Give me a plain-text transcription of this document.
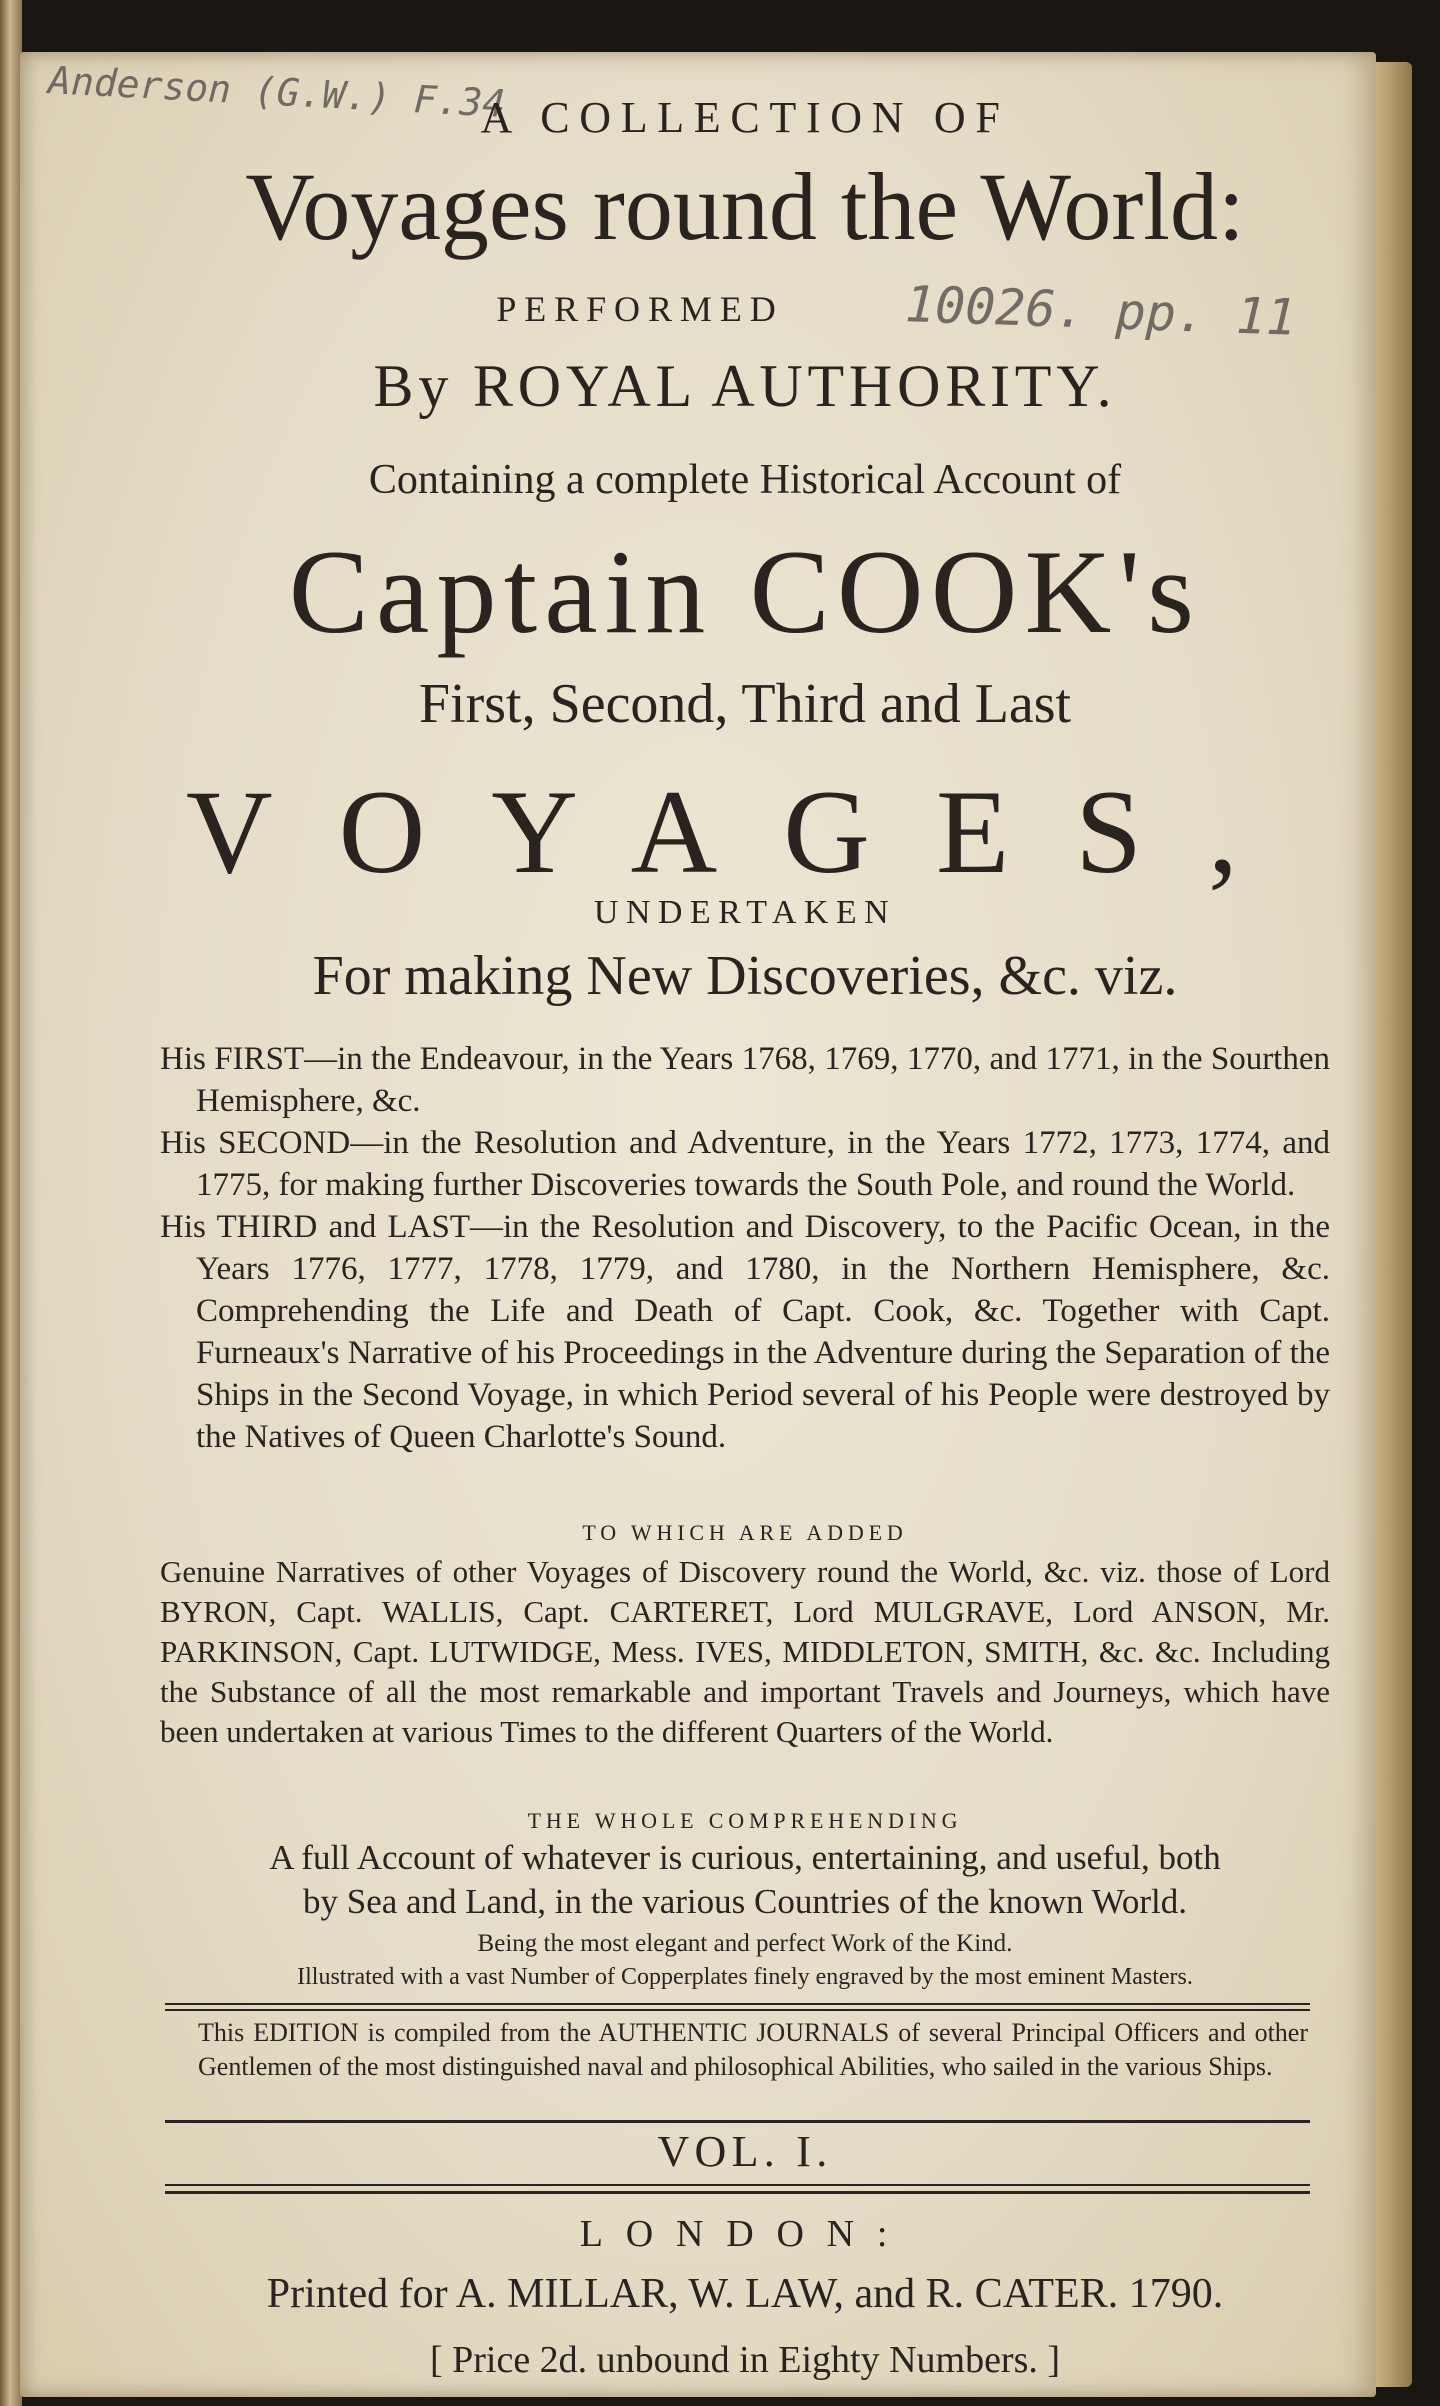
Anderson (G.W.) F.34
10026. pp. 11
A COLLECTION OF
Voyages round the World:
PERFORMED
By ROYAL AUTHORITY.
Containing a complete Historical Account of
Captain COOK's
First, Second, Third and Last
VOYAGES,
UNDERTAKEN
For making New Discoveries, &c. viz.

His FIRST—in the Endeavour, in the Years 1768, 1769, 1770, and 1771, in the Sourthen Hemisphere, &c.

His SECOND—in the Resolution and Adventure, in the Years 1772, 1773, 1774, and 1775, for making further Discoveries towards the South Pole, and round the World.

His THIRD and LAST—in the Resolution and Discovery, to the Pacific Ocean, in the Years 1776, 1777, 1778, 1779, and 1780, in the Northern Hemisphere, &c. Comprehending the Life and Death of Capt. Cook, &c. Together with Capt. Furneaux's Narrative of his Proceedings in the Adventure during the Separation of the Ships in the Second Voyage, in which Period several of his People were destroyed by the Natives of Queen Charlotte's Sound.

TO WHICH ARE ADDED
Genuine Narratives of other Voyages of Discovery round the World, &c. viz. those of Lord BYRON, Capt. WALLIS, Capt. CARTERET, Lord MULGRAVE, Lord ANSON, Mr. PARKINSON, Capt. LUTWIDGE, Mess. IVES, MIDDLETON, SMITH, &c. &c. Including the Substance of all the most remarkable and important Travels and Journeys, which have been undertaken at various Times to the different Quarters of the World.
THE WHOLE COMPREHENDING
A full Account of whatever is curious, entertaining, and useful, both
by Sea and Land, in the various Countries of the known World.
Being the most elegant and perfect Work of the Kind.
Illustrated with a vast Number of Copperplates finely engraved by the most eminent Masters.
This EDITION is compiled from the AUTHENTIC JOURNALS of several Principal Officers and other Gentlemen of the most distinguished naval and philosophical Abilities, who sailed in the various Ships.
VOL. I.
LONDON:
Printed for A. MILLAR, W. LAW, and R. CATER. 1790.
[ Price 2d. unbound in Eighty Numbers. ]
